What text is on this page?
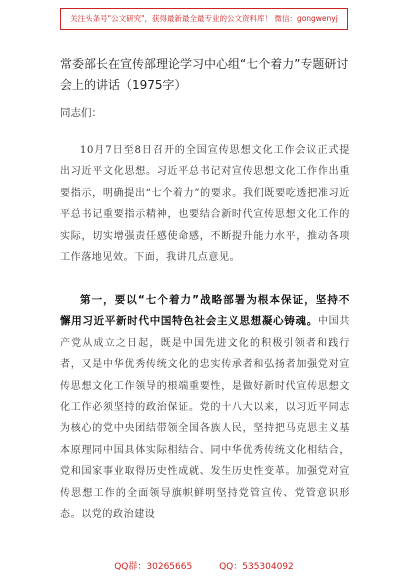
关注头条号"公文研究"，获得最新最全最专业的公文资料库！ 微信：gongwenyj
常委部长在宣传部理论学习中心组“七个着力”专题研讨会上的讲话（1975字）
同志们：

10月7日至8日召开的全国宣传思想文化工作会议正式提出习近平文化思想。习近平总书记对宣传思想文化工作作出重要指示，明确提出“七个着力”的要求。我们既要吃透把准习近平总书记重要指示精神，也要结合新时代宣传思想文化工作的实际，切实增强责任感使命感，不断提升能力水平，推动各项工作落地见效。下面，我讲几点意见。

第一，要以“七个着力”战略部署为根本保证，坚持不懈用习近平新时代中国特色社会主义思想凝心铸魂。中国共产党从成立之日起，既是中国先进文化的积极引领者和践行者，又是中华优秀传统文化的忠实传承者和弘扬者加强党对宣传思想文化工作领导的根端重要性，是做好新时代宣传思想文化工作必须坚持的政治保证。党的十八大以来，以习近平同志为核心的党中央团结带领全国各族人民，坚持把马克思主义基本原理同中国具体实际相结合、同中华优秀传统文化相结合，党和国家事业取得历史性成就、发生历史性变革。加强党对宣传思想工作的全面领导旗帜鲜明坚持党管宣传、党管意识形态。以党的政治建设

QQ群：30265665	QQ：535304092
